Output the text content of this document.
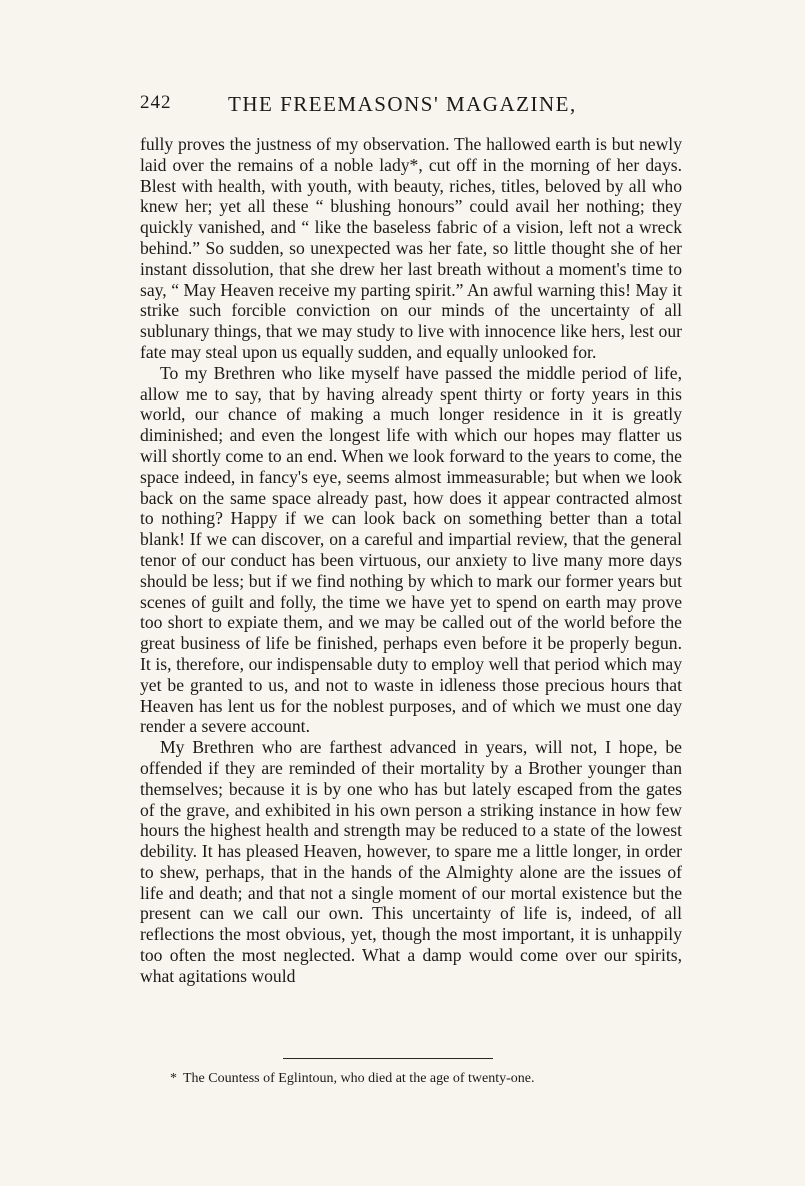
242	THE FREEMASONS' MAGAZINE,

fully proves the justness of my observation. The hallowed earth is but newly laid over the remains of a noble lady*, cut off in the morning of her days. Blest with health, with youth, with beauty, riches, titles, beloved by all who knew her; yet all these “ blushing honours” could avail her nothing; they quickly vanished, and “ like the baseless fabric of a vision, left not a wreck behind.” So sudden, so unexpected was her fate, so little thought she of her instant dissolution, that she drew her last breath without a moment's time to say, “ May Heaven receive my parting spirit.” An awful warning this! May it strike such forcible conviction on our minds of the uncertainty of all sublunary things, that we may study to live with innocence like hers, lest our fate may steal upon us equally sudden, and equally unlooked for.

To my Brethren who like myself have passed the middle period of life, allow me to say, that by having already spent thirty or forty years in this world, our chance of making a much longer residence in it is greatly diminished; and even the longest life with which our hopes may flatter us will shortly come to an end. When we look forward to the years to come, the space indeed, in fancy's eye, seems almost immeasurable; but when we look back on the same space already past, how does it appear contracted almost to nothing? Happy if we can look back on something better than a total blank! If we can discover, on a careful and impartial review, that the general tenor of our conduct has been virtuous, our anxiety to live many more days should be less; but if we find nothing by which to mark our former years but scenes of guilt and folly, the time we have yet to spend on earth may prove too short to expiate them, and we may be called out of the world before the great business of life be finished, perhaps even before it be properly begun. It is, therefore, our indispensable duty to employ well that period which may yet be granted to us, and not to waste in idleness those precious hours that Heaven has lent us for the noblest purposes, and of which we must one day render a severe account.

My Brethren who are farthest advanced in years, will not, I hope, be offended if they are reminded of their mortality by a Brother younger than themselves; because it is by one who has but lately escaped from the gates of the grave, and exhibited in his own person a striking instance in how few hours the highest health and strength may be reduced to a state of the lowest debility. It has pleased Heaven, however, to spare me a little longer, in order to shew, perhaps, that in the hands of the Almighty alone are the issues of life and death; and that not a single moment of our mortal existence but the present can we call our own. This uncertainty of life is, indeed, of all reflections the most obvious, yet, though the most important, it is unhappily too often the most neglected. What a damp would come over our spirits, what agitations would

* The Countess of Eglintoun, who died at the age of twenty-one.
